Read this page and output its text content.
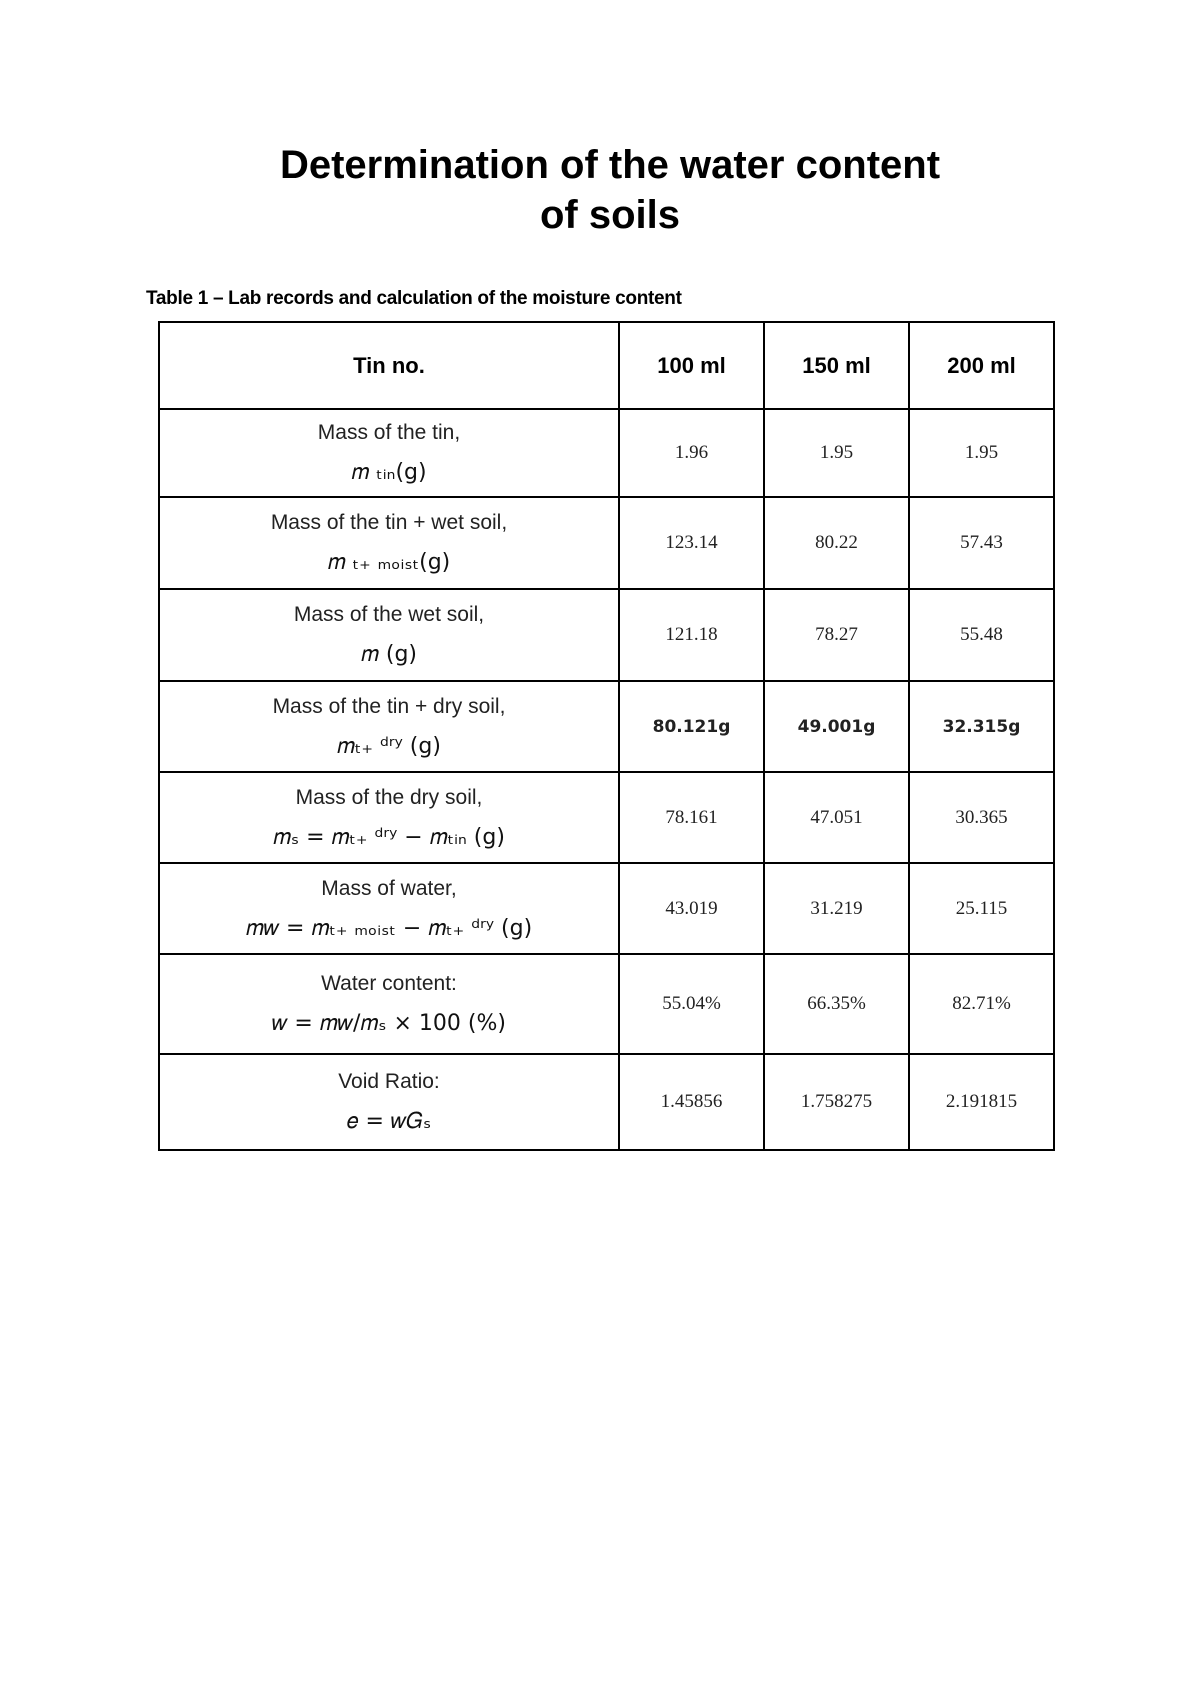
Determination of the water content
of soils
Table 1 – Lab records and calculation of the moisture content
Tin no.	100 ml	150 ml	200 ml

Mass of the tin,
𝑚 ₜᵢₙ(g)	1.96	1.95	1.95

Mass of the tin + wet soil,
𝑚 ₜ₊ ₘₒᵢₛₜ(g)	123.14	80.22	57.43

Mass of the wet soil,
𝑚 (g)	121.18	78.27	55.48

Mass of the tin + dry soil,
𝑚ₜ₊ ᵈʳʸ (g)	80.121g	49.001g	32.315g

Mass of the dry soil,
𝑚ₛ = 𝑚ₜ₊ ᵈʳʸ − 𝑚ₜᵢₙ (g)	78.161	47.051	30.365

Mass of water,
𝑚𝑤 = 𝑚ₜ₊ ₘₒᵢₛₜ − 𝑚ₜ₊ ᵈʳʸ (g)	43.019	31.219	25.115

Water content:
𝑤 = 𝑚𝑤/𝑚ₛ × 100 (%)	55.04%	66.35%	82.71%

Void Ratio:
𝑒 = 𝑤𝐺ₛ	1.45856	1.758275	2.191815
